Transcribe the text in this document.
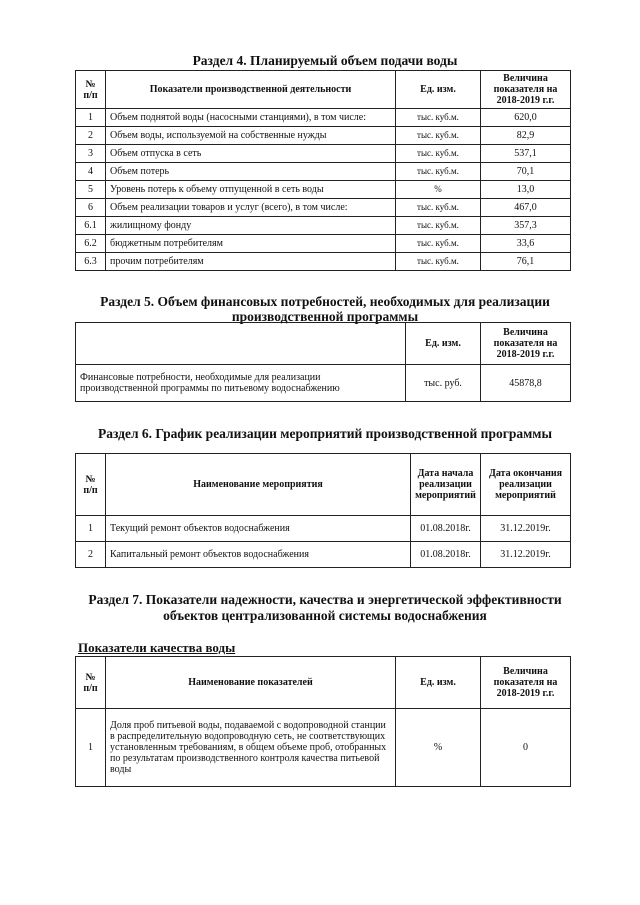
Раздел 4. Планируемый объем подачи воды
№ п/п	Показатели производственной деятельности	Ед. изм.	Величина показателя на 2018-2019 г.г.
1	Объем поднятой воды (насосными станциями), в том числе:	тыс. куб.м.	620,0
2	Объем воды, используемой на собственные нужды	тыс. куб.м.	82,9
3	Объем отпуска в сеть	тыс. куб.м.	537,1
4	Объем потерь	тыс. куб.м.	70,1
5	Уровень потерь к объему отпущенной в сеть воды	%	13,0
6	Объем реализации товаров и услуг (всего), в том числе:	тыс. куб.м.	467,0
6.1	жилищному фонду	тыс. куб.м.	357,3
6.2	бюджетным потребителям	тыс. куб.м.	33,6
6.3	прочим потребителям	тыс. куб.м.	76,1
Раздел 5. Объем финансовых потребностей, необходимых для реализации
производственной программы
	Ед. изм.	Величина показателя на 2018-2019 г.г.
Финансовые потребности, необходимые для реализации производственной программы по питьевому водоснабжению	тыс. руб.	45878,8
Раздел 6. График реализации мероприятий производственной программы
№ п/п	Наименование мероприятия	Дата начала реализации мероприятий	Дата окончания реализации мероприятий
1	Текущий ремонт объектов водоснабжения	01.08.2018г.	31.12.2019г.
2	Капитальный ремонт объектов водоснабжения	01.08.2018г.	31.12.2019г.
Раздел 7. Показатели надежности, качества и энергетической эффективности
объектов централизованной системы водоснабжения
Показатели качества воды
№ п/п	Наименование показателей	Ед. изм.	Величина показателя на 2018-2019 г.г.
1	Доля проб питьевой воды, подаваемой с водопроводной станции в распределительную водопроводную сеть, не соответствующих установленным требованиям, в общем объеме проб, отобранных по результатам производственного контроля качества питьевой воды	%	0
